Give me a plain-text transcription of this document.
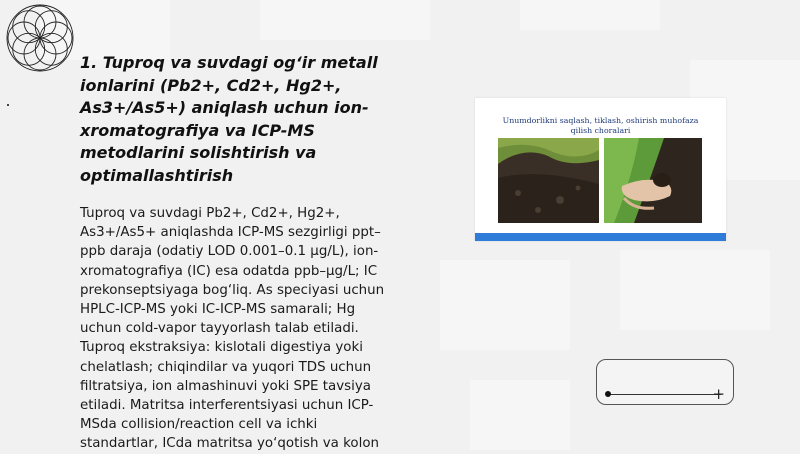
1. Tuproq va suvdagi og‘ir metall
ionlarini (Pb2+, Cd2+, Hg2+,
As3+/As5+) aniqlash uchun ion-
xromatografiya va ICP-MS
metodlarini solishtirish va
optimallashtirish
Tuproq va suvdagi Pb2+, Cd2+, Hg2+,
As3+/As5+ aniqlashda ICP-MS sezgirligi ppt–
ppb daraja (odatiy LOD 0.001–0.1 µg/L), ion-
xromatografiya (IC) esa odatda ppb–µg/L; IC
prekonseptsiyaga bog‘liq. As speciyasi uchun
HPLC-ICP-MS yoki IC-ICP-MS samarali; Hg
uchun cold-vapor tayyorlash talab etiladi.
Tuproq ekstraksiya: kislotali digestiya yoki
chelatlash; chiqindilar va yuqori TDS uchun
filtratsiya, ion almashinuvi yoki SPE tavsiya
etiladi. Matritsa interferentsiyasi uchun ICP-
MSda collision/reaction cell va ichki
standartlar, ICda matritsa yo‘qotish va kolon
Unumdorlikni saqlash, tiklash, oshirish muhofaza
qilish choralari
+
